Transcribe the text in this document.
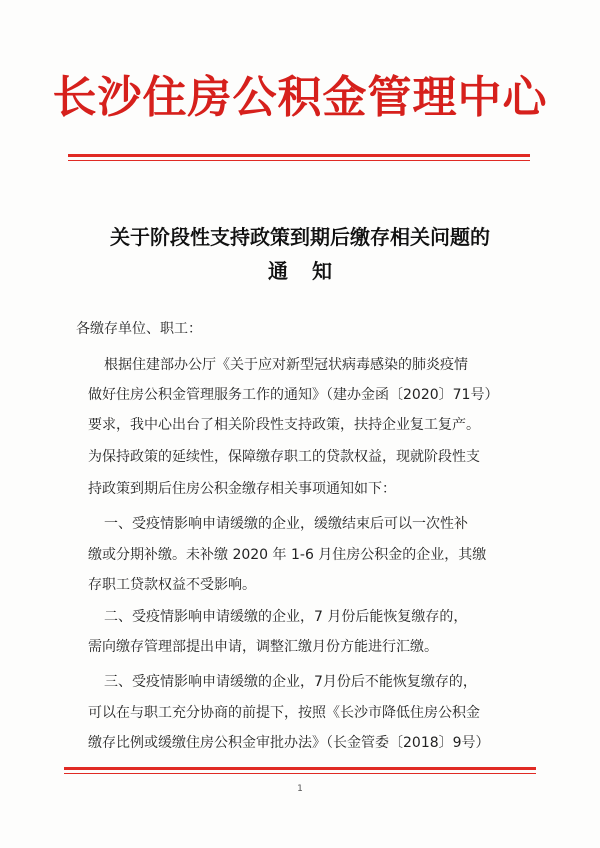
长沙住房公积金管理中心
关于阶段性支持政策到期后缴存相关问题的
通知
各缴存单位、职工：
根据住建部办公厅《关于应对新型冠状病毒感染的肺炎疫情
做好住房公积金管理服务工作的通知》（建办金函〔2020〕71号）
要求，我中心出台了相关阶段性支持政策，扶持企业复工复产。
为保持政策的延续性，保障缴存职工的贷款权益，现就阶段性支
持政策到期后住房公积金缴存相关事项通知如下：
一、受疫情影响申请缓缴的企业，缓缴结束后可以一次性补
缴或分期补缴。未补缴 2020 年 1-6 月住房公积金的企业，其缴
存职工贷款权益不受影响。
二、受疫情影响申请缓缴的企业，7 月份后能恢复缴存的，
需向缴存管理部提出申请，调整汇缴月份方能进行汇缴。
三、受疫情影响申请缓缴的企业，7月份后不能恢复缴存的，
可以在与职工充分协商的前提下，按照《长沙市降低住房公积金
缴存比例或缓缴住房公积金审批办法》（长金管委〔2018〕9号）
1
